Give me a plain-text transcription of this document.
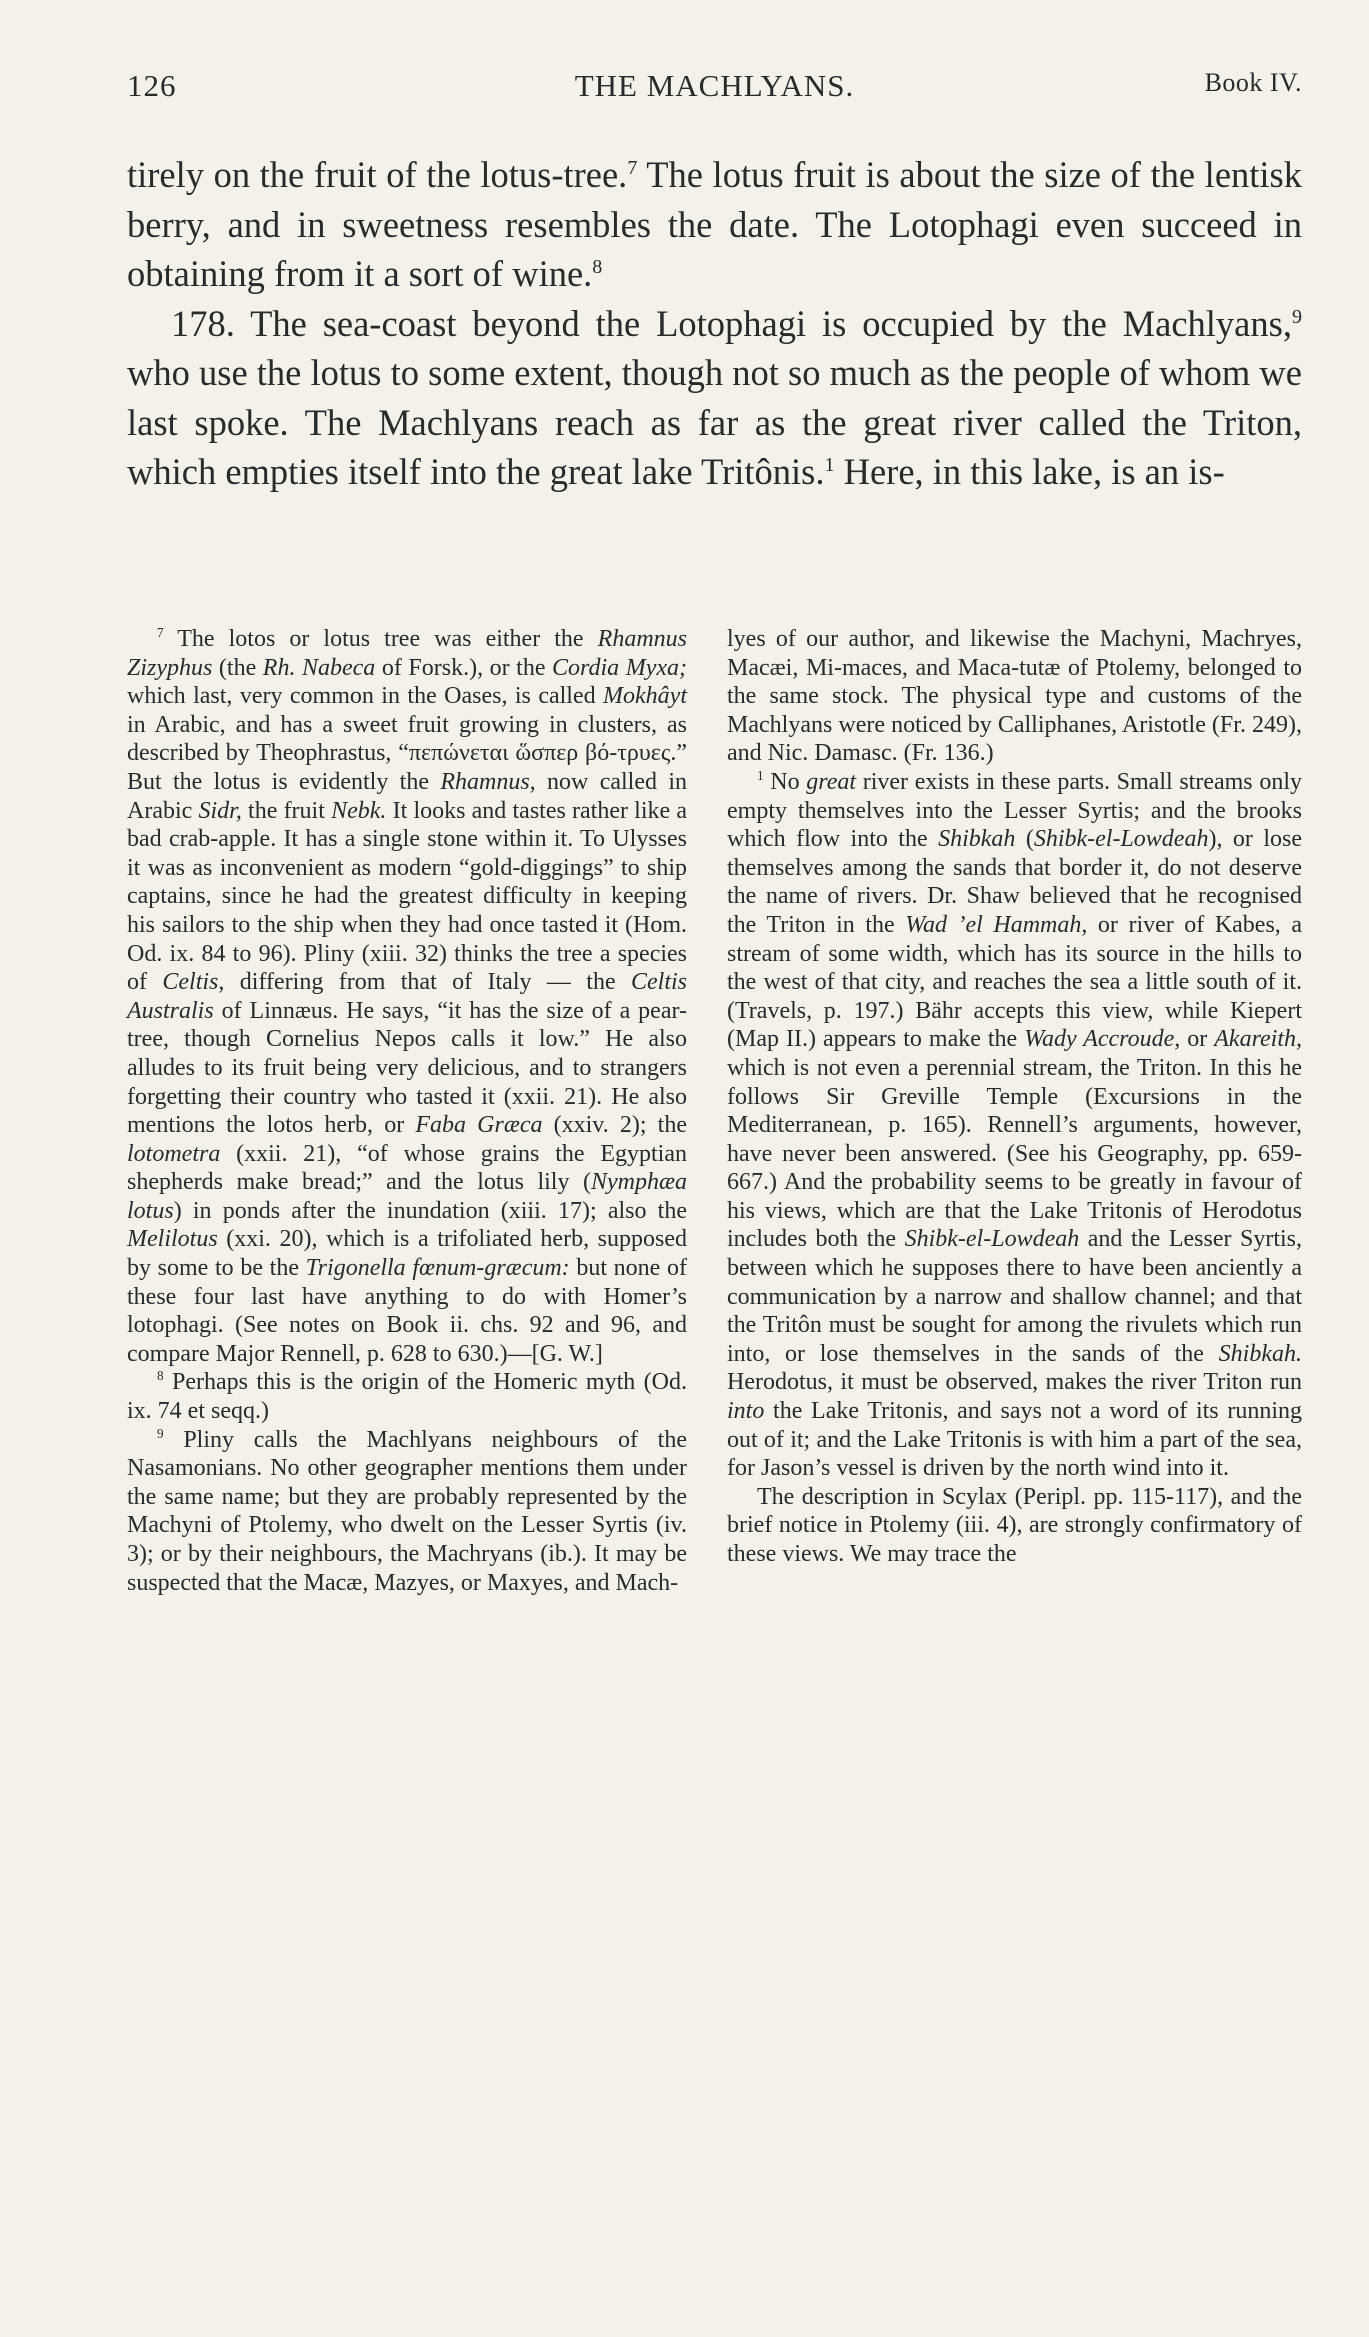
126	THE MACHLYANS.	Book IV.

tirely on the fruit of the lotus-tree.$^7$ The lotus fruit is about the size of the lentisk berry, and in sweetness resembles the date. The Lotophagi even succeed in obtaining from it a sort of wine.$^8$

178. The sea-coast beyond the Lotophagi is occupied by the Machlyans,$^9$ who use the lotus to some extent, though not so much as the people of whom we last spoke. The Machlyans reach as far as the great river called the Triton, which empties itself into the great lake Tritônis.$^1$ Here, in this lake, is an is-

$^7$ The lotos or lotus tree was either the Rhamnus Zizyphus (the Rh. Nabeca of Forsk.), or the Cordia Myxa; which last, very common in the Oases, is called Mokhâyt in Arabic, and has a sweet fruit growing in clusters, as described by Theophrastus, “πεπώνεται ὥσπερ βό-τρυες.” But the lotus is evidently the Rhamnus, now called in Arabic Sidr, the fruit Nebk. It looks and tastes rather like a bad crab-apple. It has a single stone within it. To Ulysses it was as inconvenient as modern “gold-diggings” to ship captains, since he had the greatest difficulty in keeping his sailors to the ship when they had once tasted it (Hom. Od. ix. 84 to 96). Pliny (xiii. 32) thinks the tree a species of Celtis, differing from that of Italy — the Celtis Australis of Linnæus. He says, “it has the size of a pear-tree, though Cornelius Nepos calls it low.” He also alludes to its fruit being very delicious, and to strangers forgetting their country who tasted it (xxii. 21). He also mentions the lotos herb, or Faba Græca (xxiv. 2); the lotometra (xxii. 21), “of whose grains the Egyptian shepherds make bread;” and the lotus lily (Nymphæa lotus) in ponds after the inundation (xiii. 17); also the Melilotus (xxi. 20), which is a trifoliated herb, supposed by some to be the Trigonella fœnum-græcum: but none of these four last have anything to do with Homer’s lotophagi. (See notes on Book ii. chs. 92 and 96, and compare Major Rennell, p. 628 to 630.)—[G. W.]

$^8$ Perhaps this is the origin of the Homeric myth (Od. ix. 74 et seqq.)

$^9$ Pliny calls the Machlyans neighbours of the Nasamonians. No other geographer mentions them under the same name; but they are probably represented by the Machyni of Ptolemy, who dwelt on the Lesser Syrtis (iv. 3); or by their neighbours, the Machryans (ib.). It may be suspected that the Macæ, Mazyes, or Maxyes, and Mach-

lyes of our author, and likewise the Machyni, Machryes, Macæi, Mi-maces, and Maca-tutæ of Ptolemy, belonged to the same stock. The physical type and customs of the Machlyans were noticed by Calliphanes, Aristotle (Fr. 249), and Nic. Damasc. (Fr. 136.)

$^1$ No great river exists in these parts. Small streams only empty themselves into the Lesser Syrtis; and the brooks which flow into the Shibkah (Shibk-el-Lowdeah), or lose themselves among the sands that border it, do not deserve the name of rivers. Dr. Shaw believed that he recognised the Triton in the Wad ’el Hammah, or river of Kabes, a stream of some width, which has its source in the hills to the west of that city, and reaches the sea a little south of it. (Travels, p. 197.) Bähr accepts this view, while Kiepert (Map II.) appears to make the Wady Accroude, or Akareith, which is not even a perennial stream, the Triton. In this he follows Sir Greville Temple (Excursions in the Mediterranean, p. 165). Rennell’s arguments, however, have never been answered. (See his Geography, pp. 659-667.) And the probability seems to be greatly in favour of his views, which are that the Lake Tritonis of Herodotus includes both the Shibk-el-Lowdeah and the Lesser Syrtis, between which he supposes there to have been anciently a communication by a narrow and shallow channel; and that the Tritôn must be sought for among the rivulets which run into, or lose themselves in the sands of the Shibkah. Herodotus, it must be observed, makes the river Triton run into the Lake Tritonis, and says not a word of its running out of it; and the Lake Tritonis is with him a part of the sea, for Jason’s vessel is driven by the north wind into it.

The description in Scylax (Peripl. pp. 115-117), and the brief notice in Ptolemy (iii. 4), are strongly confirmatory of these views. We may trace the
